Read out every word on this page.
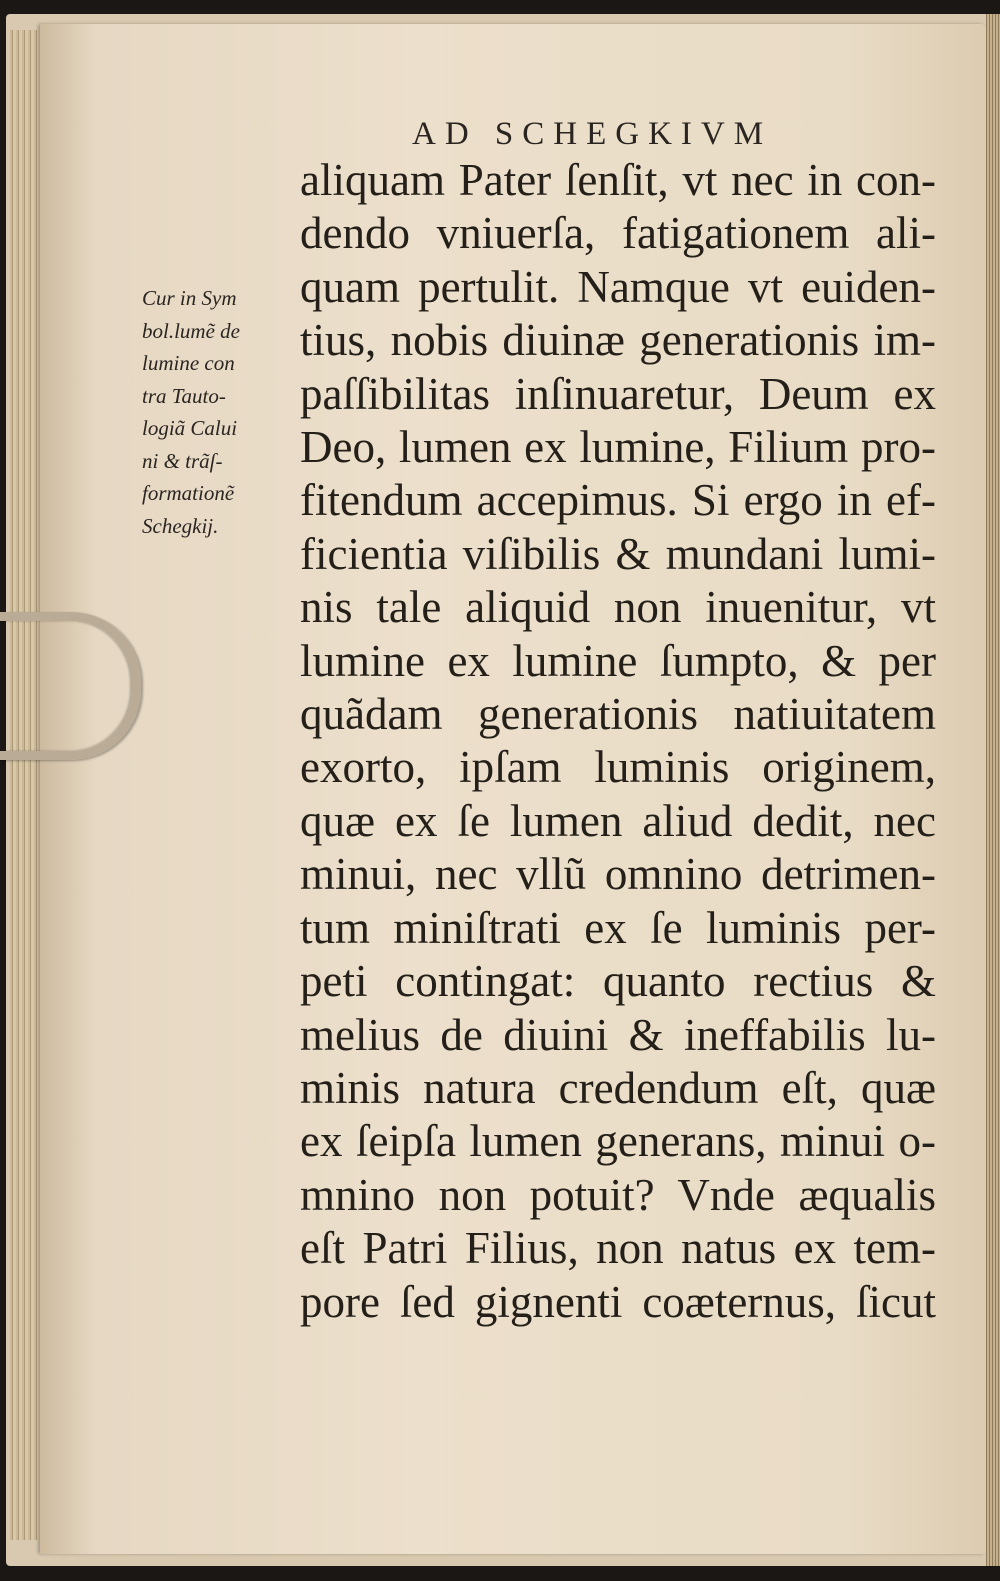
AD SCHEGKIVM
Cur in Sym
bol.lumẽ de
lumine con
tra Tauto-
logiã Calui
ni & trãſ-
formationẽ
Schegkij.
aliquam Pater ſenſit, vt nec in con-
dendo vniuerſa, fatigationem ali-
quam pertulit. Namque vt euiden-
tius, nobis diuinæ generationis im-
paſſibilitas inſinuaretur, Deum ex
Deo, lumen ex lumine, Filium pro-
fitendum accepimus. Si ergo in ef-
ficientia viſibilis & mundani lumi-
nis tale aliquid non inuenitur, vt
lumine ex lumine ſumpto, & per
quãdam generationis natiuitatem
exorto, ipſam luminis originem,
quæ ex ſe lumen aliud dedit, nec
minui, nec vllũ omnino detrimen-
tum miniſtrati ex ſe luminis per-
peti contingat: quanto rectius &
melius de diuini & ineffabilis lu-
minis natura credendum eſt, quæ
ex ſeipſa lumen generans, minui o-
mnino non potuit? Vnde æqualis
eſt Patri Filius, non natus ex tem-
pore ſed gignenti coæternus, ſicut
